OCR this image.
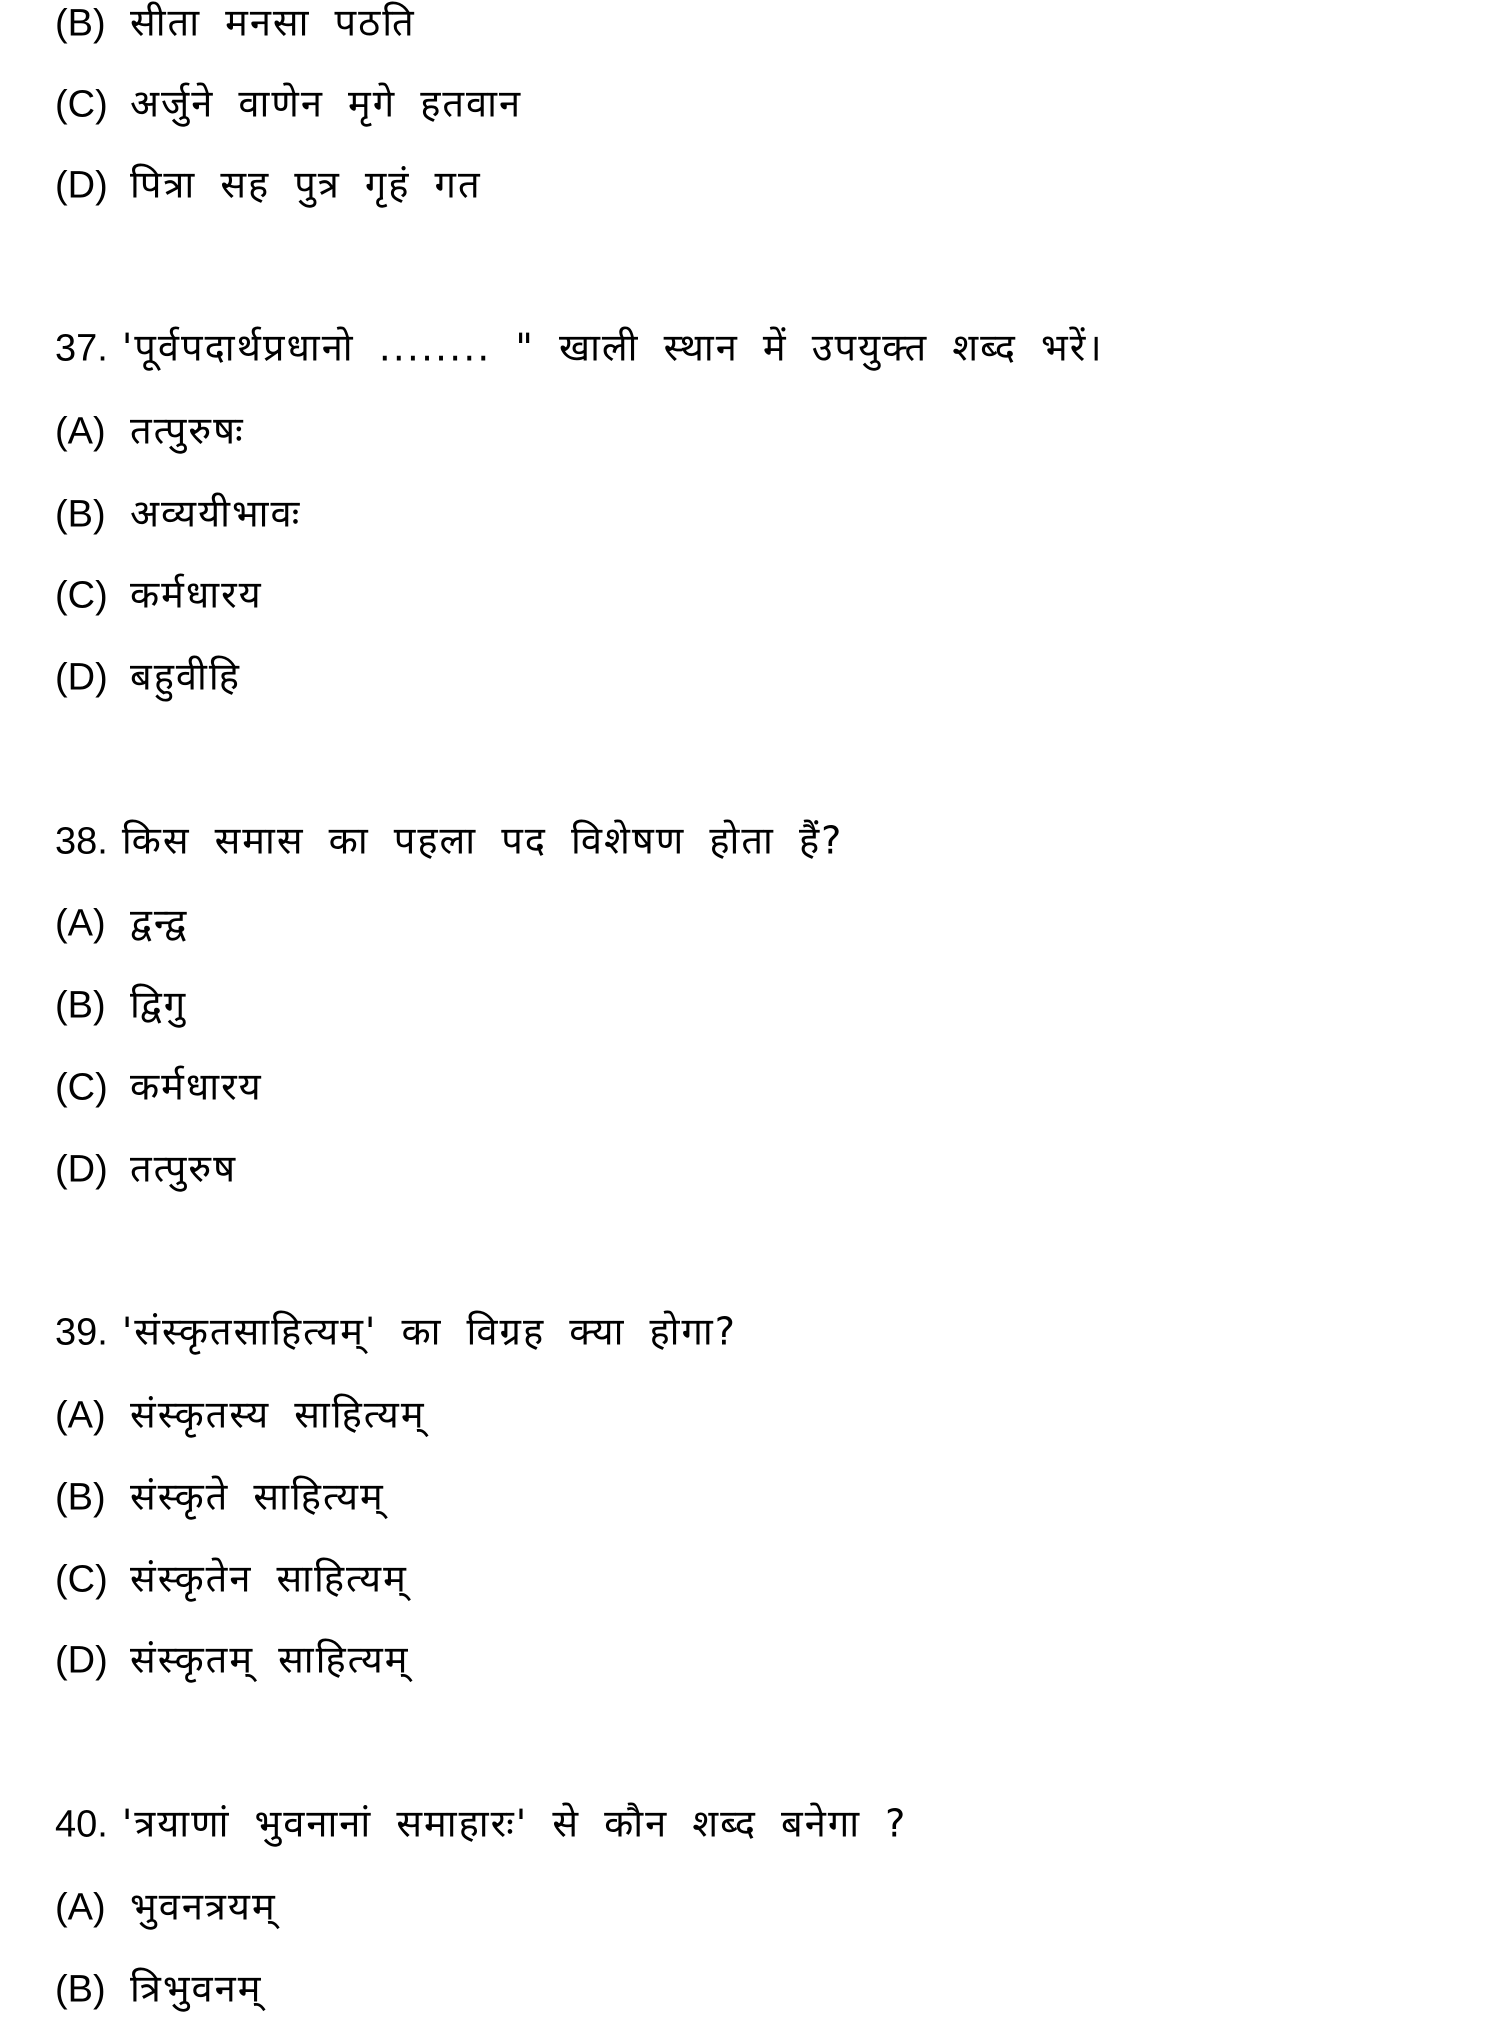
(B) सीता मनसा पठति
(C) अर्जुने वाणेन मृगे हतवान
(D) पित्रा सह पुत्र गृहं गत
37. 'पूर्वपदार्थप्रधानो ........ " खाली स्थान में उपयुक्त शब्द भरें।
(A) तत्पुरुषः
(B) अव्ययीभावः
(C) कर्मधारय
(D) बहुवीहि
38. किस समास का पहला पद विशेषण होता हैं?
(A) द्वन्द्व
(B) द्विगु
(C) कर्मधारय
(D) तत्पुरुष
39. 'संस्कृतसाहित्यम्' का विग्रह क्या होगा?
(A) संस्कृतस्य साहित्यम्
(B) संस्कृते साहित्यम्
(C) संस्कृतेन साहित्यम्
(D) संस्कृतम् साहित्यम्
40. 'त्रयाणां भुवनानां समाहारः' से कौन शब्द बनेगा ?
(A) भुवनत्रयम्
(B) त्रिभुवनम्
